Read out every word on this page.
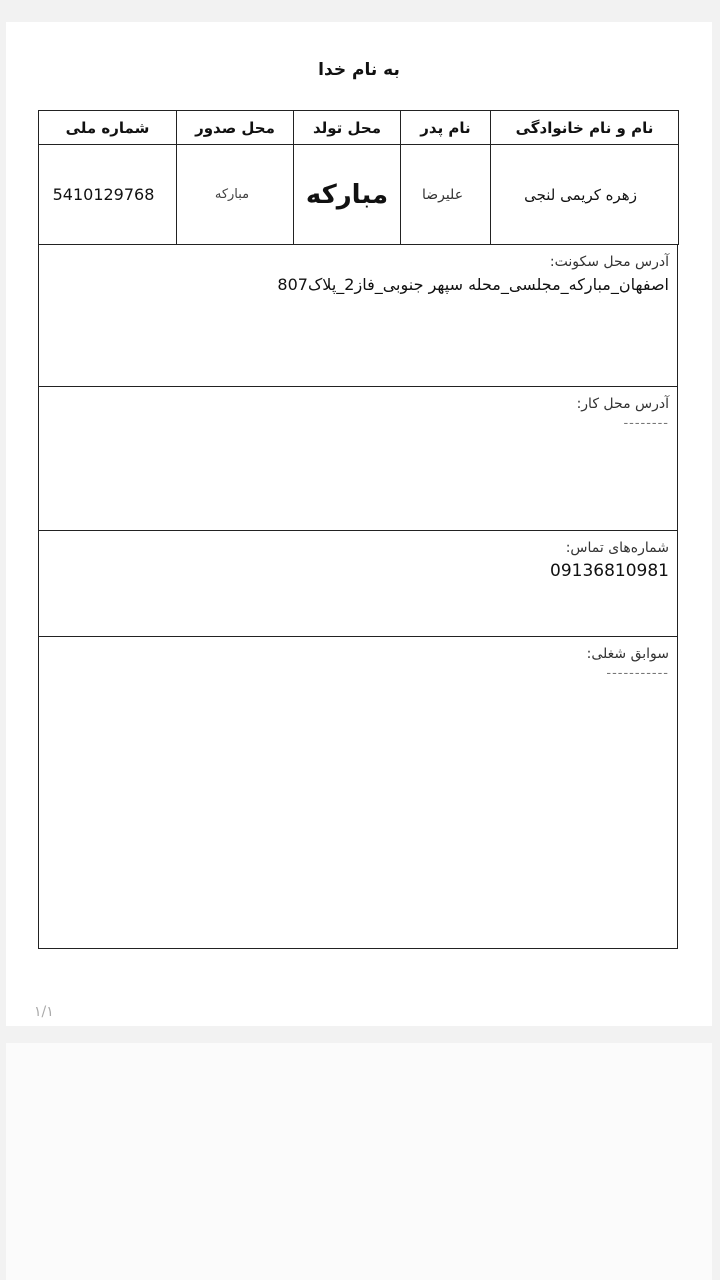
به نام خدا
نام و نام خانوادگی	نام پدر	محل تولد	محل صدور	شماره ملی
زهره کریمی لنجی	علیرضا	مبارکه	مبارکه	5410129768
آدرس محل سکونت:
اصفهان_مبارکه_مجلسی_محله سپهر جنوبی_فاز2_پلاک807
آدرس محل کار:
--------
شماره‌های تماس:
09136810981
سوابق شغلی:
-----------
۱/۱
